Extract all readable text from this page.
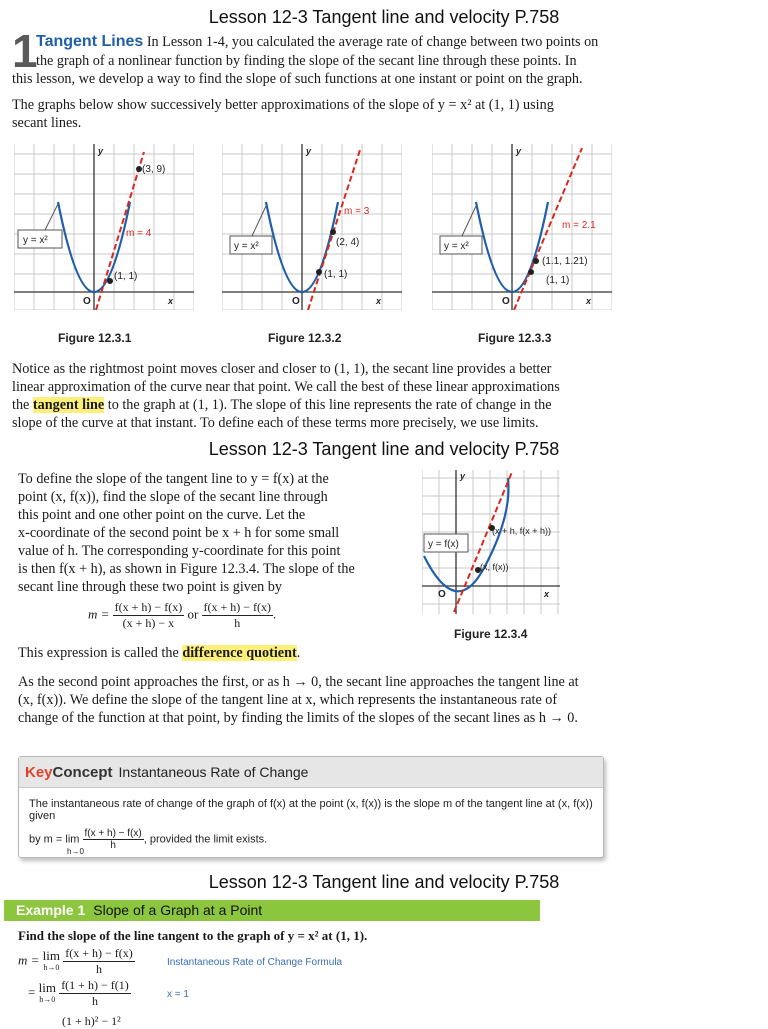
Lesson 12-3 Tangent line and velocity P.758
1
Tangent Lines In Lesson 1-4, you calculated the average rate of change between two points on
the graph of a nonlinear function by finding the slope of the secant line through these points. In
this lesson, we develop a way to find the slope of such functions at one instant or point on the graph.
The graphs below show successively better approximations of the slope of y = x² at (1, 1) using
secant lines.
y = x²
m = 4
(3, 9)
(1, 1)
O	x
y
Figure 12.3.1
y = x²
m = 3
(2, 4)
(1, 1)
O	x
y
Figure 12.3.2
y = x²
m = 2.1
(1.1, 1.21)
(1, 1)
O	x
y
Figure 12.3.3
Notice as the rightmost point moves closer and closer to (1, 1), the secant line provides a better
linear approximation of the curve near that point. We call the best of these linear approximations
the tangent line to the graph at (1, 1). The slope of this line represents the rate of change in the
slope of the curve at that instant. To define each of these terms more precisely, we use limits.
Lesson 12-3 Tangent line and velocity P.758
To define the slope of the tangent line to y = f(x) at the
point (x, f(x)), find the slope of the secant line through
this point and one other point on the curve. Let the
x-coordinate of the second point be x + h for some small
value of h. The corresponding y-coordinate for this point
is then f(x + h), as shown in Figure 12.3.4. The slope of the
secant line through these two point is given by
$m = \frac{f(x + h) - f(x)}{(x + h) - x}$ or $\frac{f(x + h) - f(x)}{h}$ .
This expression is called the difference quotient.
y = f(x)
(x, f(x))
(x + h, f(x + h))
O	x
y
Figure 12.3.4
As the second point approaches the first, or as h → 0, the secant line approaches the tangent line at
(x, f(x)). We define the slope of the tangent line at x, which represents the instantaneous rate of
change of the function at that point, by finding the limits of the slopes of the secant lines as h → 0.
KeyConcept Instantaneous Rate of Change
The instantaneous rate of change of the graph of f(x) at the point (x, f(x)) is the slope m of the tangent line at (x, f(x)) given
by $m = \lim \frac{f(x + h) - f(x)}{h}$ , provided the limit exists.
h→0
Lesson 12-3 Tangent line and velocity P.758
Example 1 Slope of a Graph at a Point
Find the slope of the line tangent to the graph of y = x² at (1, 1).
m = lim
h→0
$\frac{f(x + h) - f(x)}{h}$	Instantaneous Rate of Change Formula
= lim
h→0
$\frac{f(1 + h) - f(1)}{h}$	x = 1
(1 + h)² − 1²
